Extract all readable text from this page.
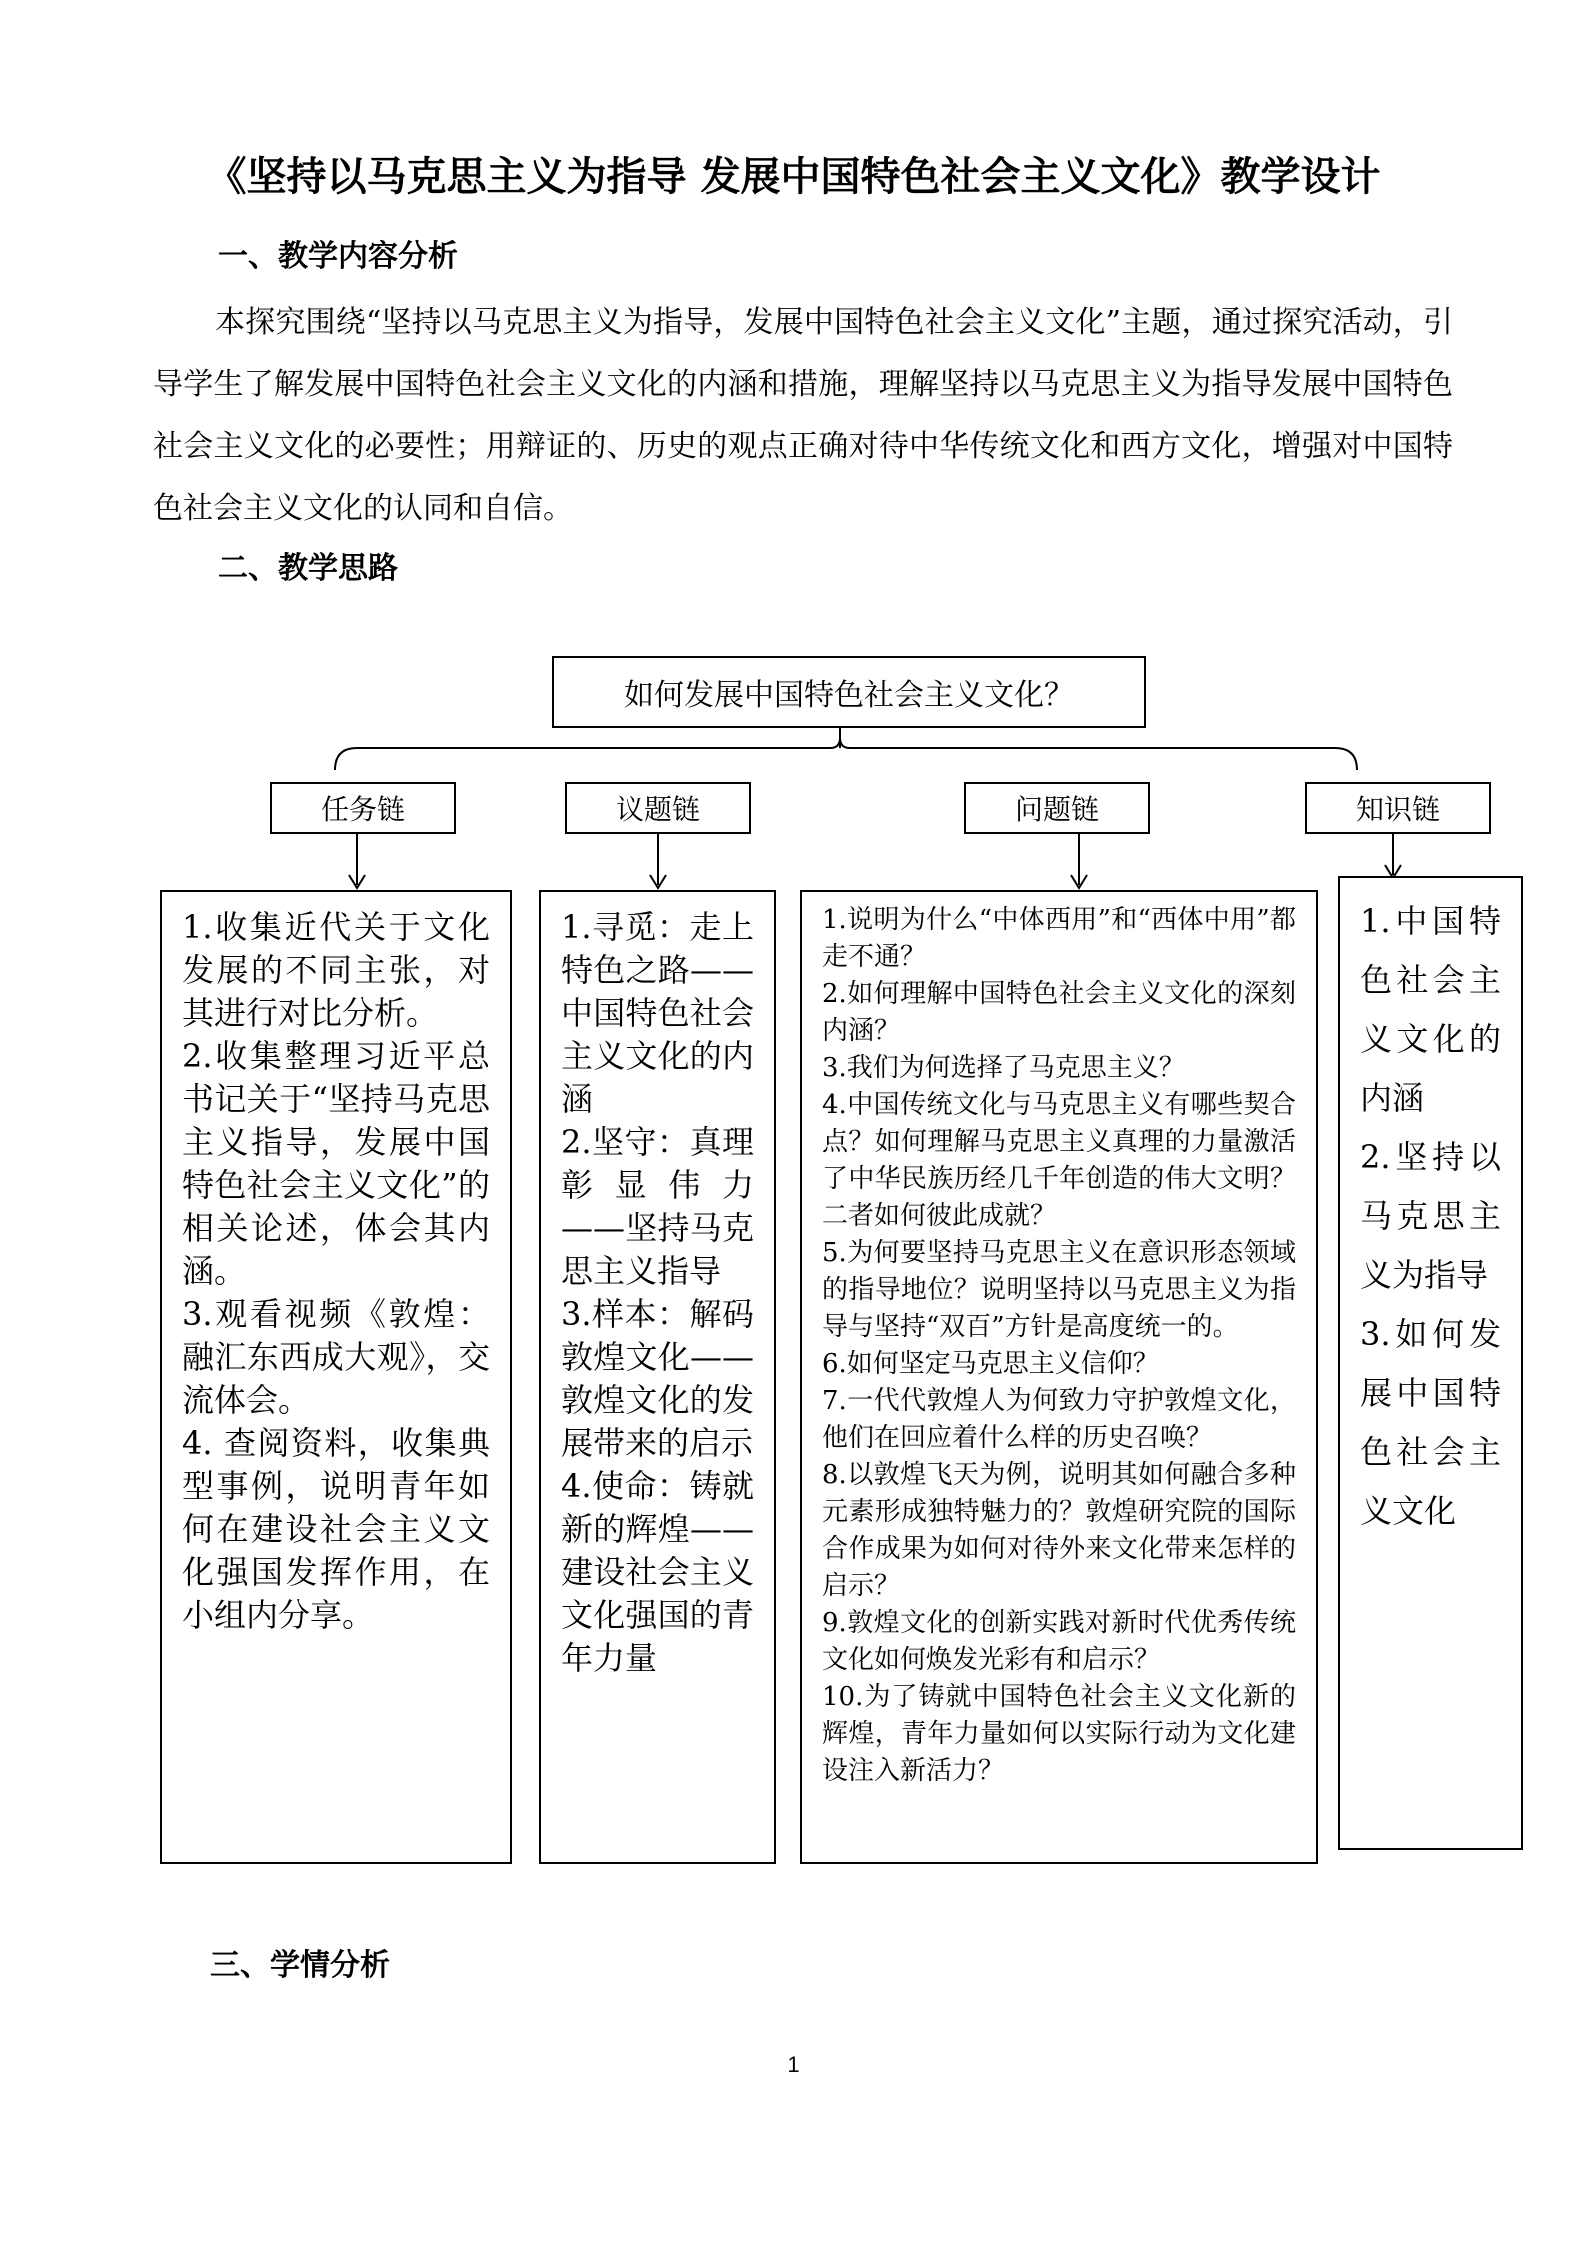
《坚持以马克思主义为指导 发展中国特色社会主义文化》教学设计
一、教学内容分析
本探究围绕“坚持以马克思主义为指导，发展中国特色社会主义文化”主题，通过探究活动，引导学生了解发展中国特色社会主义文化的内涵和措施，理解坚持以马克思主义为指导发展中国特色社会主义文化的必要性；用辩证的、历史的观点正确对待中华传统文化和西方文化，增强对中国特色社会主义文化的认同和自信。
二、教学思路
如何发展中国特色社会主义文化？
任务链	议题链	问题链	知识链

1.收集近代关于文化发展的不同主张，对其进行对比分析。

2.收集整理习近平总书记关于“坚持马克思主义指导，发展中国特色社会主义文化”的相关论述，体会其内涵。

3.观看视频《敦煌：融汇东西成大观》，交流体会。

4. 查阅资料，收集典型事例，说明青年如何在建设社会主义文化强国发挥作用，在小组内分享。

1.寻觅：走上特色之路——中国特色社会主义文化的内涵

2.坚守：真理彰显伟力 ——坚持马克思主义指导

3.样本：解码敦煌文化——敦煌文化的发展带来的启示

4.使命：铸就新的辉煌——建设社会主义文化强国的青年力量

1.说明为什么“中体西用”和“西体中用”都走不通？

2.如何理解中国特色社会主义文化的深刻内涵？

3.我们为何选择了马克思主义？

4.中国传统文化与马克思主义有哪些契合点？如何理解马克思主义真理的力量激活了中华民族历经几千年创造的伟大文明？二者如何彼此成就？

5.为何要坚持马克思主义在意识形态领域的指导地位？说明坚持以马克思主义为指导与坚持“双百”方针是高度统一的。

6.如何坚定马克思主义信仰？

7.一代代敦煌人为何致力守护敦煌文化，他们在回应着什么样的历史召唤？

8.以敦煌飞天为例，说明其如何融合多种元素形成独特魅力的？敦煌研究院的国际合作成果为如何对待外来文化带来怎样的启示？

9.敦煌文化的创新实践对新时代优秀传统文化如何焕发光彩有和启示？

10.为了铸就中国特色社会主义文化新的辉煌，青年力量如何以实际行动为文化建设注入新活力？

1.中国特色社会主义文化的内涵

2.坚持以马克思主义为指导

3.如何发展中国特色社会主义文化

三、学情分析
1
